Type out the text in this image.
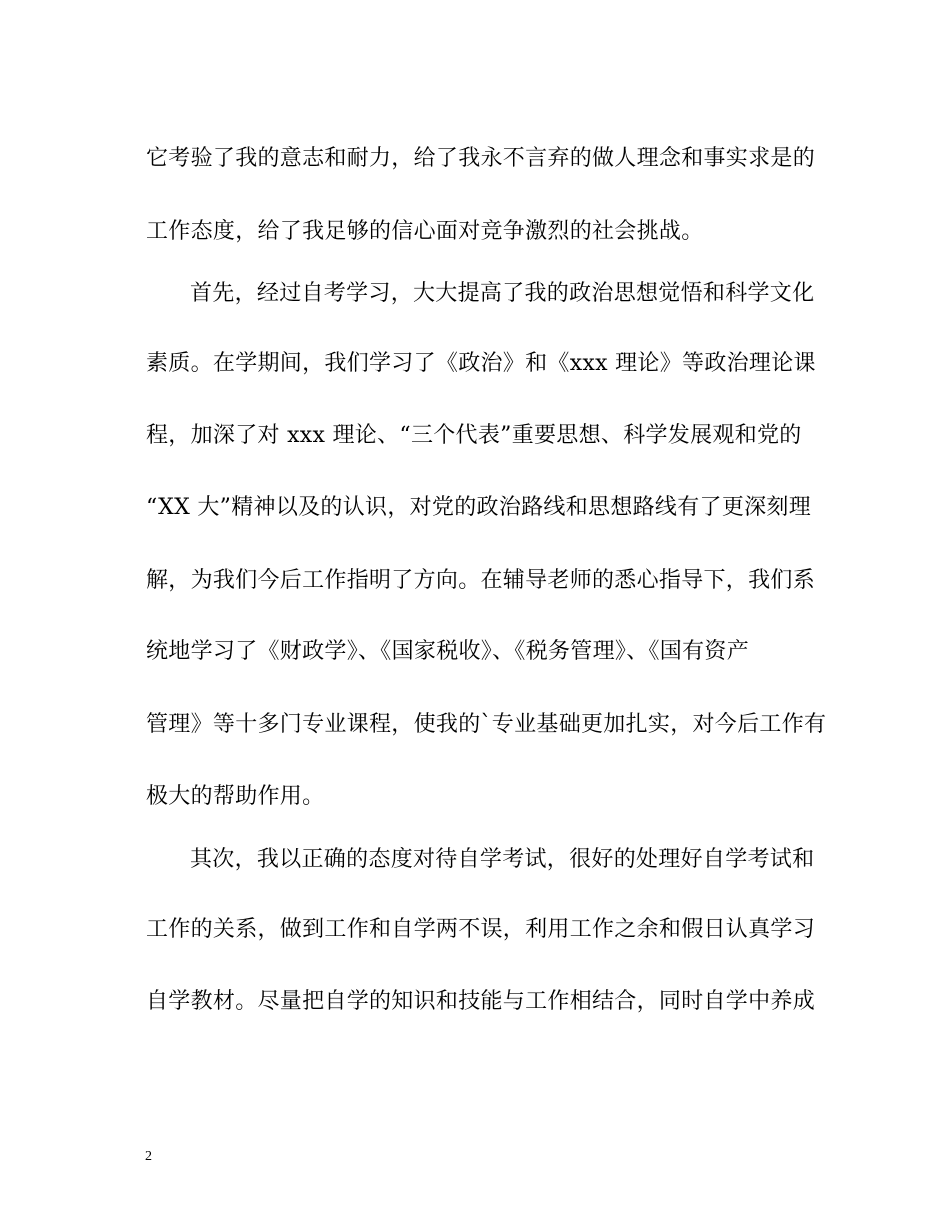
它考验了我的意志和耐力，给了我永不言弃的做人理念和事实求是的
工作态度，给了我足够的信心面对竞争激烈的社会挑战。
首先，经过自考学习，大大提高了我的政治思想觉悟和科学文化
素质。在学期间，我们学习了《政治》和《xxx 理论》等政治理论课
程，加深了对 xxx 理论、“三个代表”重要思想、科学发展观和党的
“XX 大”精神以及的认识，对党的政治路线和思想路线有了更深刻理
解，为我们今后工作指明了方向。在辅导老师的悉心指导下，我们系
统地学习了《财政学》、《国家税收》、《税务管理》、《国有资产
管理》等十多门专业课程，使我的`专业基础更加扎实，对今后工作有
极大的帮助作用。
其次，我以正确的态度对待自学考试，很好的处理好自学考试和
工作的关系，做到工作和自学两不误，利用工作之余和假日认真学习
自学教材。尽量把自学的知识和技能与工作相结合，同时自学中养成
2
